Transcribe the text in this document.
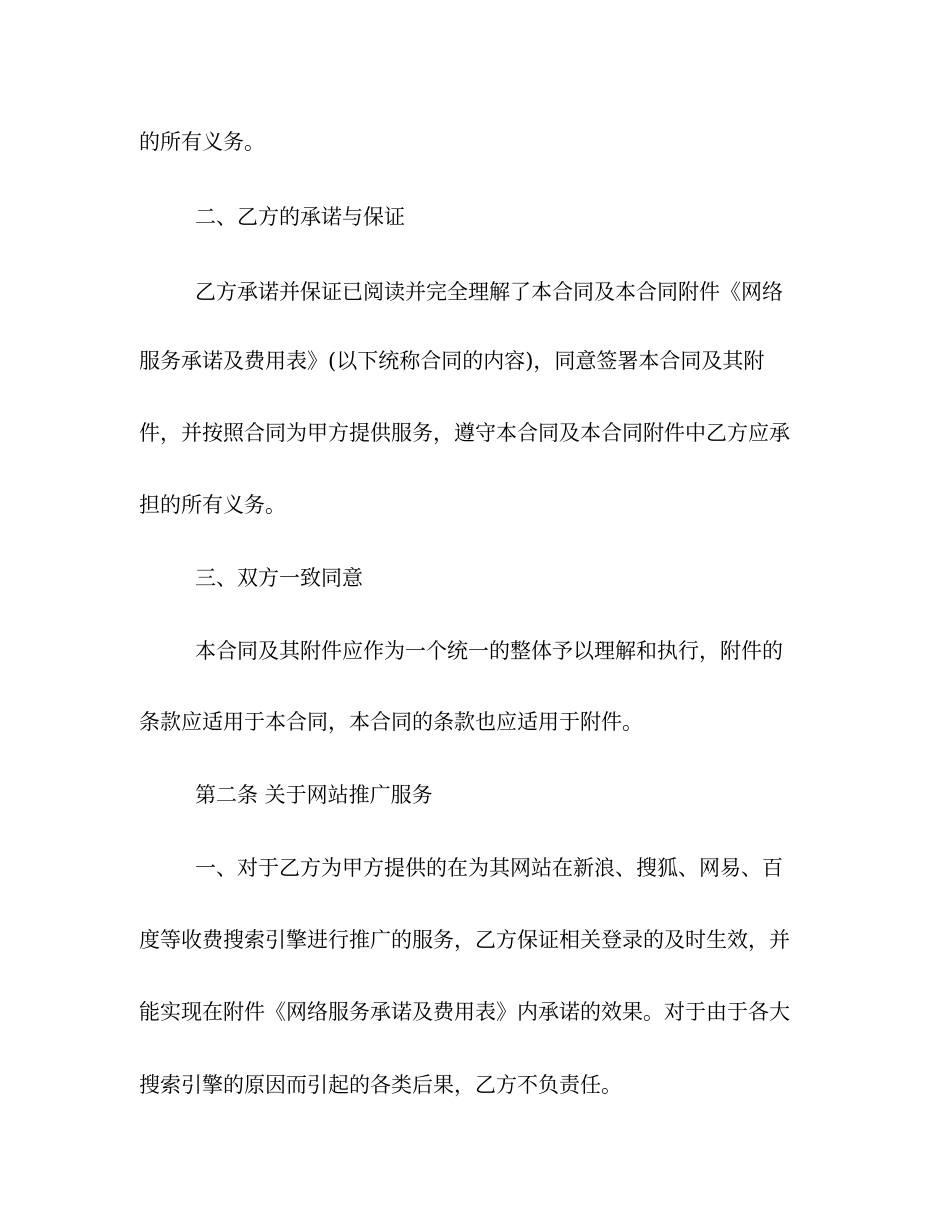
的所有义务。
二、乙方的承诺与保证
乙方承诺并保证已阅读并完全理解了本合同及本合同附件《网络
服务承诺及费用表》(以下统称合同的内容)，同意签署本合同及其附
件，并按照合同为甲方提供服务，遵守本合同及本合同附件中乙方应承
担的所有义务。
三、双方一致同意
本合同及其附件应作为一个统一的整体予以理解和执行，附件的
条款应适用于本合同，本合同的条款也应适用于附件。
第二条 关于网站推广服务
一、对于乙方为甲方提供的在为其网站在新浪、搜狐、网易、百
度等收费搜索引擎进行推广的服务，乙方保证相关登录的及时生效，并
能实现在附件《网络服务承诺及费用表》内承诺的效果。对于由于各大
搜索引擎的原因而引起的各类后果，乙方不负责任。
